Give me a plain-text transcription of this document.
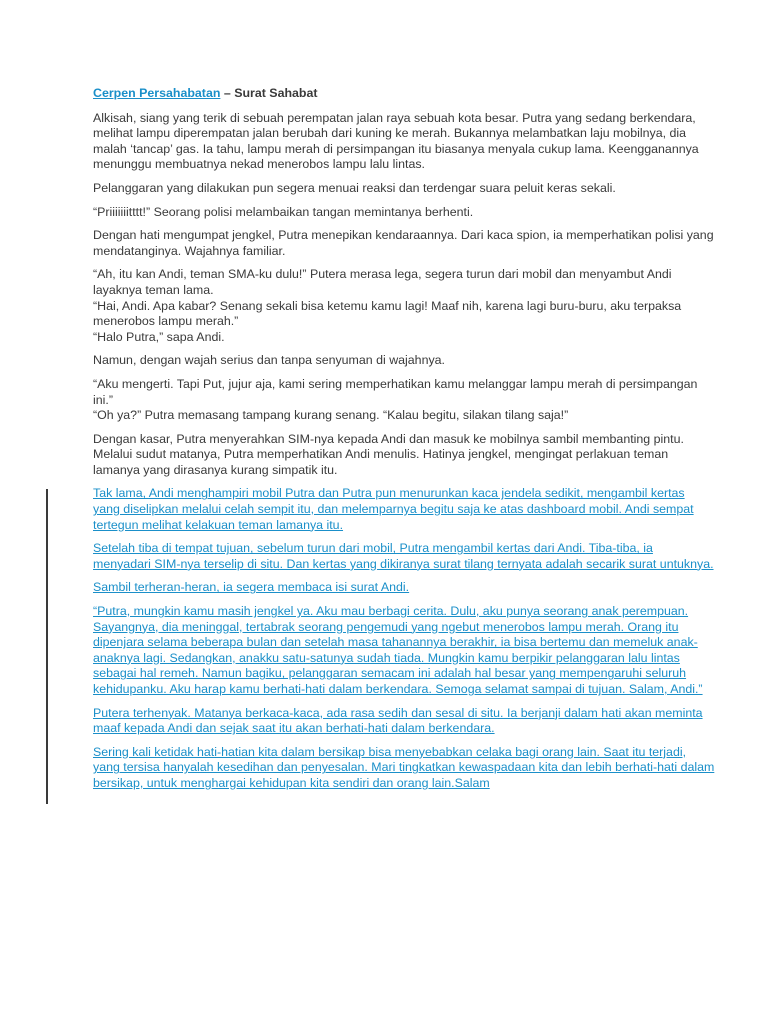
Cerpen Persahabatan – Surat Sahabat

Alkisah, siang yang terik di sebuah perempatan jalan raya sebuah kota besar. Putra yang sedang berkendara,
melihat lampu diperempatan jalan berubah dari kuning ke merah. Bukannya melambatkan laju mobilnya, dia
malah ‘tancap’ gas. Ia tahu, lampu merah di persimpangan itu biasanya menyala cukup lama. Keengganannya
menunggu membuatnya nekad menerobos lampu lalu lintas.

Pelanggaran yang dilakukan pun segera menuai reaksi dan terdengar suara peluit keras sekali.

“Priiiiiiitttt!” Seorang polisi melambaikan tangan memintanya berhenti.

Dengan hati mengumpat jengkel, Putra menepikan kendaraannya. Dari kaca spion, ia memperhatikan polisi yang
mendatanginya. Wajahnya familiar.

“Ah, itu kan Andi, teman SMA-ku dulu!” Putera merasa lega, segera turun dari mobil dan menyambut Andi
layaknya teman lama.
“Hai, Andi. Apa kabar? Senang sekali bisa ketemu kamu lagi! Maaf nih, karena lagi buru-buru, aku terpaksa
menerobos lampu merah.”
“Halo Putra,” sapa Andi.

Namun, dengan wajah serius dan tanpa senyuman di wajahnya.

“Aku mengerti. Tapi Put, jujur aja, kami sering memperhatikan kamu melanggar lampu merah di persimpangan
ini.”
“Oh ya?” Putra memasang tampang kurang senang. “Kalau begitu, silakan tilang saja!”

Dengan kasar, Putra menyerahkan SIM-nya kepada Andi dan masuk ke mobilnya sambil membanting pintu.
Melalui sudut matanya, Putra memperhatikan Andi menulis. Hatinya jengkel, mengingat perlakuan teman
lamanya yang dirasanya kurang simpatik itu.

Tak lama, Andi menghampiri mobil Putra dan Putra pun menurunkan kaca jendela sedikit, mengambil kertas
yang diselipkan melalui celah sempit itu, dan melemparnya begitu saja ke atas dashboard mobil. Andi sempat
tertegun melihat kelakuan teman lamanya itu.

Setelah tiba di tempat tujuan, sebelum turun dari mobil, Putra mengambil kertas dari Andi. Tiba-tiba, ia
menyadari SIM-nya terselip di situ. Dan kertas yang dikiranya surat tilang ternyata adalah secarik surat untuknya.

Sambil terheran-heran, ia segera membaca isi surat Andi.

“Putra, mungkin kamu masih jengkel ya. Aku mau berbagi cerita. Dulu, aku punya seorang anak perempuan.
Sayangnya, dia meninggal, tertabrak seorang pengemudi yang ngebut menerobos lampu merah. Orang itu
dipenjara selama beberapa bulan dan setelah masa tahanannya berakhir, ia bisa bertemu dan memeluk anak-
anaknya lagi. Sedangkan, anakku satu-satunya sudah tiada. Mungkin kamu berpikir pelanggaran lalu lintas
sebagai hal remeh. Namun bagiku, pelanggaran semacam ini adalah hal besar yang mempengaruhi seluruh
kehidupanku. Aku harap kamu berhati-hati dalam berkendara. Semoga selamat sampai di tujuan. Salam, Andi.”

Putera terhenyak. Matanya berkaca-kaca, ada rasa sedih dan sesal di situ. Ia berjanji dalam hati akan meminta
maaf kepada Andi dan sejak saat itu akan berhati-hati dalam berkendara.

Sering kali ketidak hati-hatian kita dalam bersikap bisa menyebabkan celaka bagi orang lain. Saat itu terjadi,
yang tersisa hanyalah kesedihan dan penyesalan. Mari tingkatkan kewaspadaan kita dan lebih berhati-hati dalam
bersikap, untuk menghargai kehidupan kita sendiri dan orang lain.Salam
